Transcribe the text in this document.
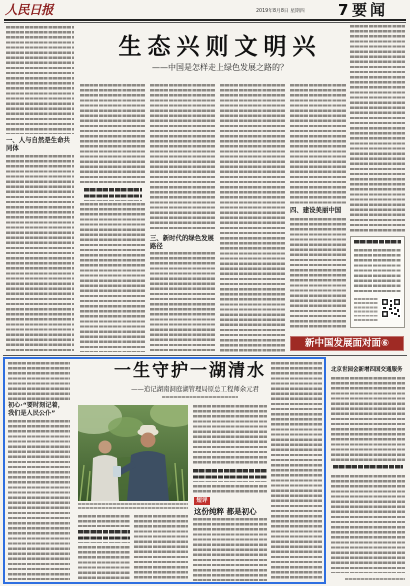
人民日报	2019年8月8日 星期四 7 要闻
一、人与自然是生命共同体
生态兴则文明兴
——中国是怎样走上绿色发展之路的？
三、新时代的绿色发展路径
四、建设美丽中国
新中国发展面对面⑥
初心·“要时刻记着，我们是人民公仆”
一生守护一湖清水
——追记湖南洞庭湖管理局原总工程师余元君
短评
这份纯粹 都是初心
北京世园会新增四国交通服务
